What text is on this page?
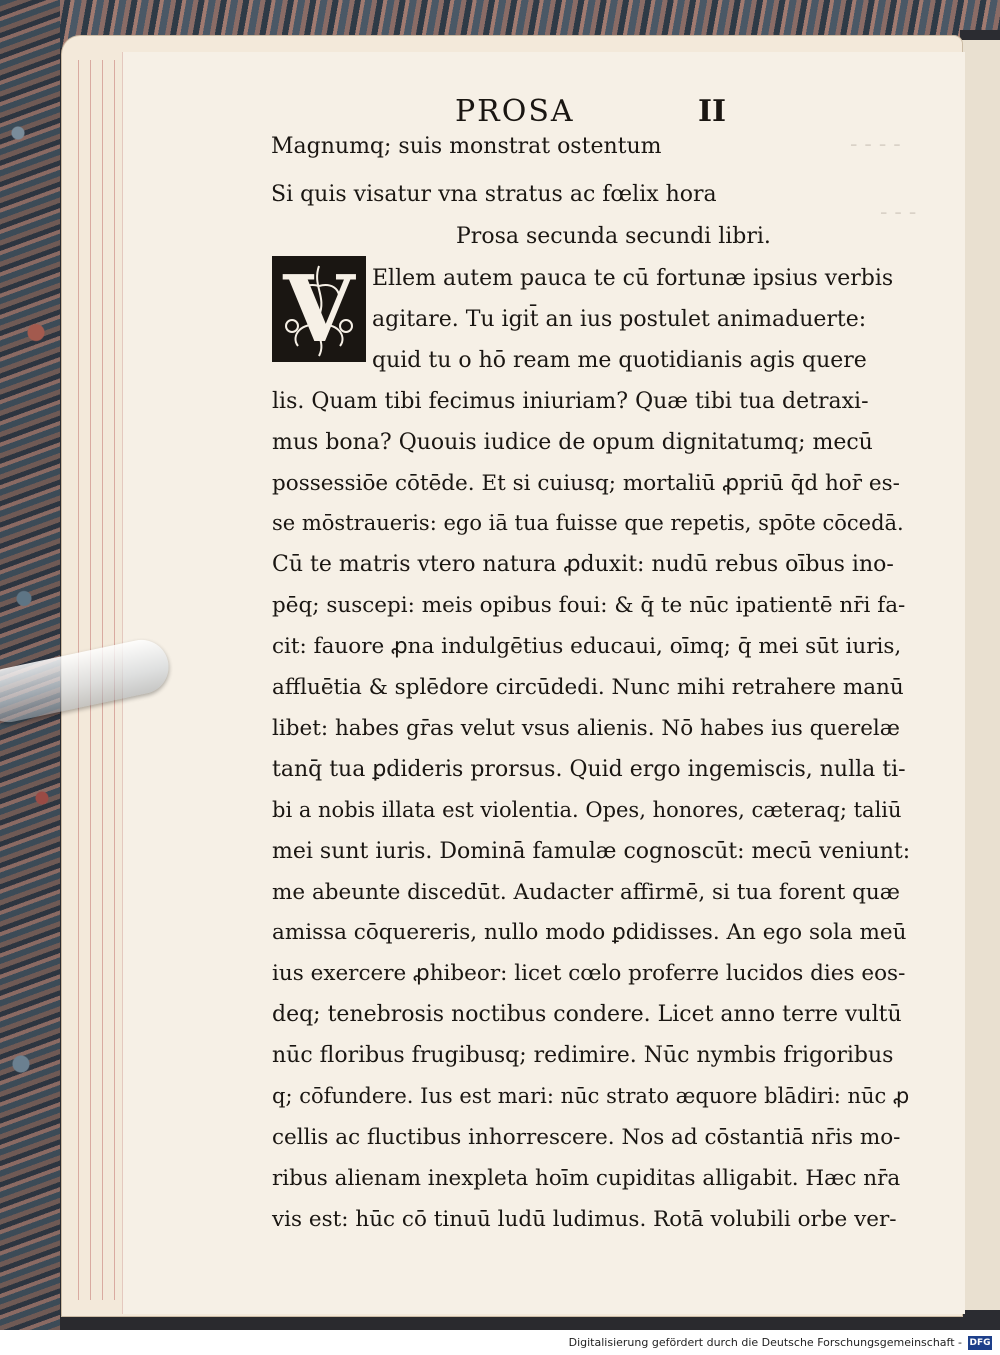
- - - -
- - -
PROSA	II
Magnumq; suis monstrat ostentum
Si quis visatur vna stratus ac fœlix hora
Prosa secunda secundi libri.
V Ellem autem pauca te cū fortunæ ipsius verbis
agitare. Tu igit̄ an ius postulet animaduerte:
quid tu o hō ream me quotidianis agis quere
lis. Quam tibi fecimus iniuriam? Quæ tibi tua detraxi-
mus bona? Quouis iudice de opum dignitatumq; mecū
possessiōe cōtēde. Et si cuiusq; mortaliū ꝓpriū q̄d hor̄ es-
se mōstraueris: ego iā tua fuisse que repetis, spōte cōcedā.
Cū te matris vtero natura ꝓduxit: nudū rebus oībus ino-
pēq; suscepi: meis opibus foui: & q̄ te nūc ipatientē nr̄i fa-
cit: fauore ꝓna indulgētius educaui, oīmq; q̄ mei sūt iuris,
affluētia & splēdore circūdedi. Nunc mihi retrahere manū
libet: habes gr̄as velut vsus alienis. Nō habes ius querelæ
tanq̄ tua ꝑdideris prorsus. Quid ergo ingemiscis, nulla ti-
bi a nobis illata est violentia. Opes, honores, cæteraq; taliū
mei sunt iuris. Dominā famulæ cognoscūt: mecū veniunt:
me abeunte discedūt. Audacter affirmē, si tua forent quæ
amissa cōquereris, nullo modo ꝑdidisses. An ego sola meū
ius exercere ꝓhibeor: licet cœlo proferre lucidos dies eos-
deq; tenebrosis noctibus condere. Licet anno terre vultū
nūc floribus frugibusq; redimire. Nūc nymbis frigoribus
q; cōfundere. Ius est mari: nūc strato æquore blādiri: nūc ꝓ
cellis ac fluctibus inhorrescere. Nos ad cōstantiā nr̄is mo-
ribus alienam inexpleta hoīm cupiditas alligabit. Hæc nr̄a
vis est: hūc cō tinuū ludū ludimus. Rotā volubili orbe ver-
Digitalisierung gefördert durch die Deutsche Forschungsgemeinschaft - DFG
